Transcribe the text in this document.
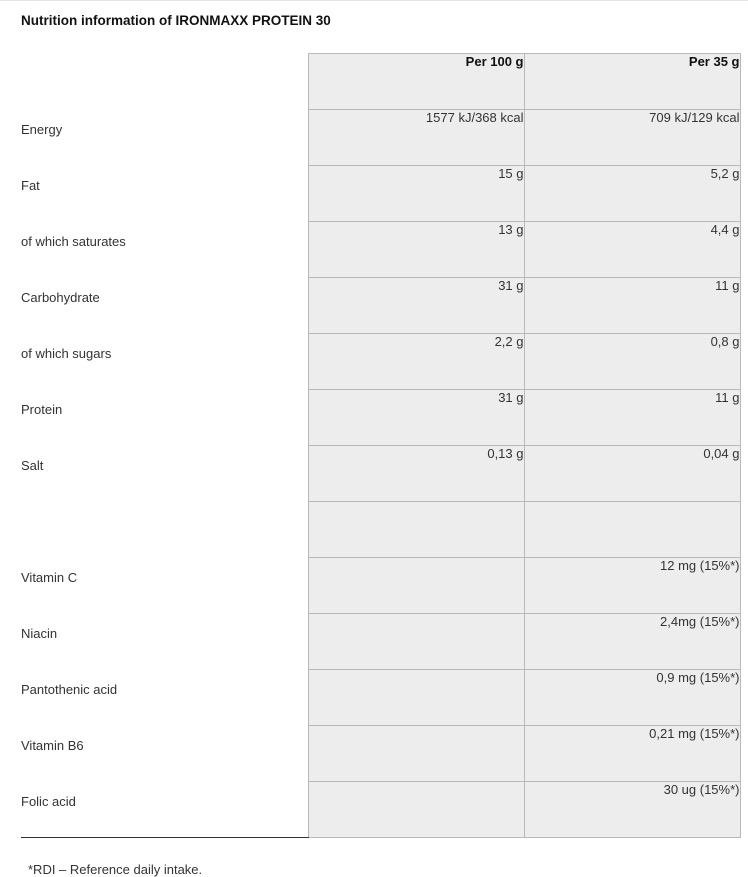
Nutrition information of IRONMAXX PROTEIN 30
	Per 100 g	Per 35 g
Energy	1577 kJ/368 kcal	709 kJ/129 kcal
Fat	15 g	5,2 g
of which saturates	13 g	4,4 g
Carbohydrate	31 g	11 g
of which sugars	2,2 g	0,8 g
Protein	31 g	11 g
Salt	0,13 g	0,04 g

Vitamin C		12 mg (15%*)
Niacin		2,4mg (15%*)
Pantothenic acid		0,9 mg (15%*)
Vitamin B6		0,21 mg (15%*)
Folic acid		30 ug (15%*)
*RDI – Reference daily intake.
